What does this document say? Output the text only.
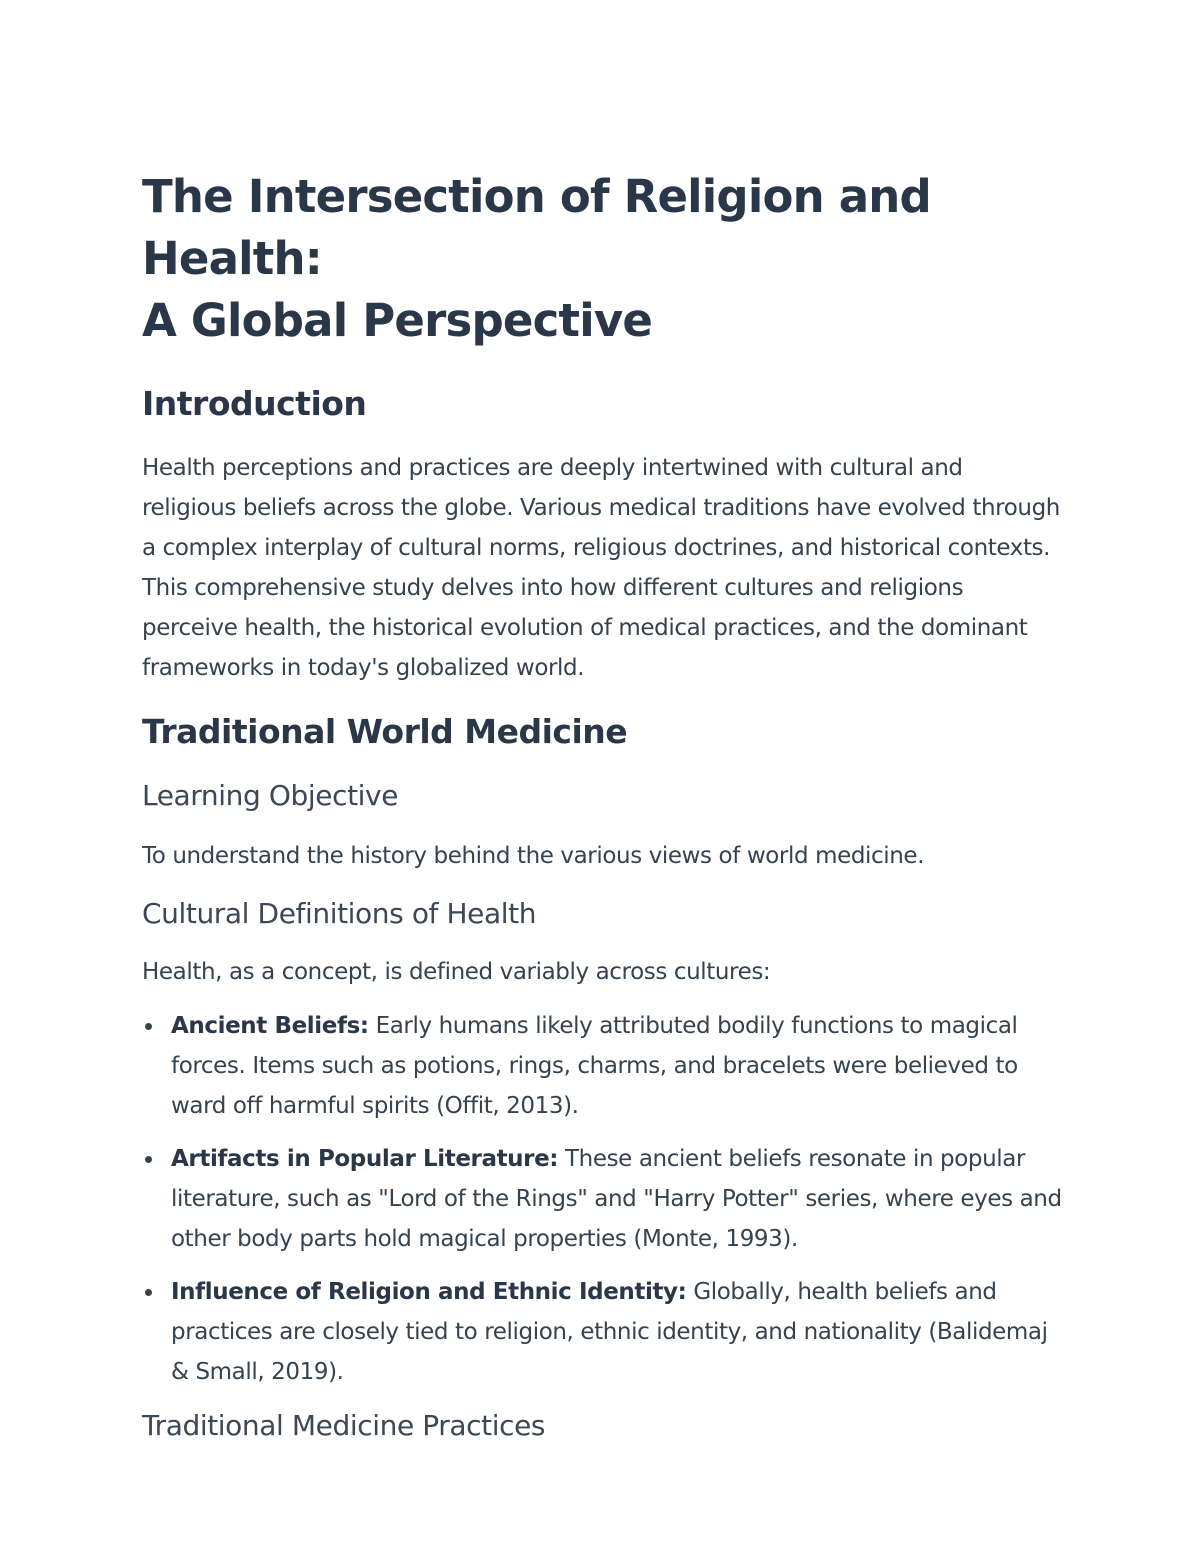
The Intersection of Religion and Health:
A Global Perspective
Introduction

Health perceptions and practices are deeply intertwined with cultural and religious beliefs across the globe. Various medical traditions have evolved through a complex interplay of cultural norms, religious doctrines, and historical contexts. This comprehensive study delves into how different cultures and religions perceive health, the historical evolution of medical practices, and the dominant frameworks in today's globalized world.

Traditional World Medicine
Learning Objective

To understand the history behind the various views of world medicine.

Cultural Definitions of Health

Health, as a concept, is defined variably across cultures:

Ancient Beliefs: Early humans likely attributed bodily functions to magical forces. Items such as potions, rings, charms, and bracelets were believed to ward off harmful spirits (Offit, 2013).
Artifacts in Popular Literature: These ancient beliefs resonate in popular literature, such as "Lord of the Rings" and "Harry Potter" series, where eyes and other body parts hold magical properties (Monte, 1993).
Influence of Religion and Ethnic Identity: Globally, health beliefs and practices are closely tied to religion, ethnic identity, and nationality (Balidemaj & Small, 2019).
Traditional Medicine Practices
